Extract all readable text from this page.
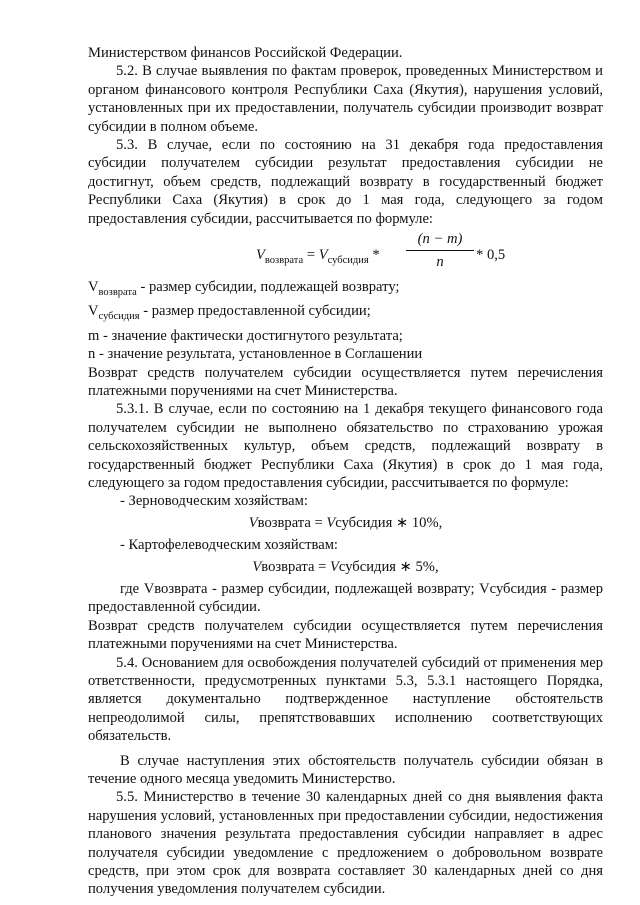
Министерством финансов Российской Федерации.

5.2. В случае выявления по фактам проверок, проведенных Министерством и органом финансового контроля Республики Саха (Якутия), нарушения условий, установленных при их предоставлении, получатель субсидии производит возврат субсидии в полном объеме.

5.3. В случае, если по состоянию на 31 декабря года предоставления субсидии получателем субсидии результат предоставления субсидии не достигнут, объем средств, подлежащий возврату в государственный бюджет Республики Саха (Якутия) в срок до 1 мая года, следующего за годом предоставления субсидии, рассчитывается по формуле:

$V_{возврата} = V_{субсидия} * \frac{(n - m)}{n} * 0,5$

$V_{возврата}$ - размер субсидии, подлежащей возврату;

$V_{субсидия}$ - размер предоставленной субсидии;

m - значение фактически достигнутого результата;

n - значение результата, установленное в Соглашении

Возврат средств получателем субсидии осуществляется путем перечисления платежными поручениями на счет Министерства.

5.3.1. В случае, если по состоянию на 1 декабря текущего финансового года получателем субсидии не выполнено обязательство по страхованию урожая сельскохозяйственных культур, объем средств, подлежащий возврату в государственный бюджет Республики Саха (Якутия) в срок до 1 мая года, следующего за годом предоставления субсидии, рассчитывается по формуле:

- Зерноводческим хозяйствам:

Vвозврата = Vсубсидия ∗ 10%,

- Картофелеводческим хозяйствам:

Vвозврата = Vсубсидия ∗ 5%,

где Vвозврата - размер субсидии, подлежащей возврату; Vсубсидия - размер предоставленной субсидии.

Возврат средств получателем субсидии осуществляется путем перечисления платежными поручениями на счет Министерства.

5.4. Основанием для освобождения получателей субсидий от применения мер ответственности, предусмотренных пунктами 5.3, 5.3.1 настоящего Порядка, является документально подтвержденное наступление обстоятельств непреодолимой силы, препятствовавших исполнению соответствующих обязательств.

В случае наступления этих обстоятельств получатель субсидии обязан в течение одного месяца уведомить Министерство.

5.5. Министерство в течение 30 календарных дней со дня выявления факта нарушения условий, установленных при предоставлении субсидии, недостижения планового значения результата предоставления субсидии направляет в адрес получателя субсидии уведомление с предложением о добровольном возврате средств, при этом срок для возврата составляет 30 календарных дней со дня получения уведомления получателем субсидии.
